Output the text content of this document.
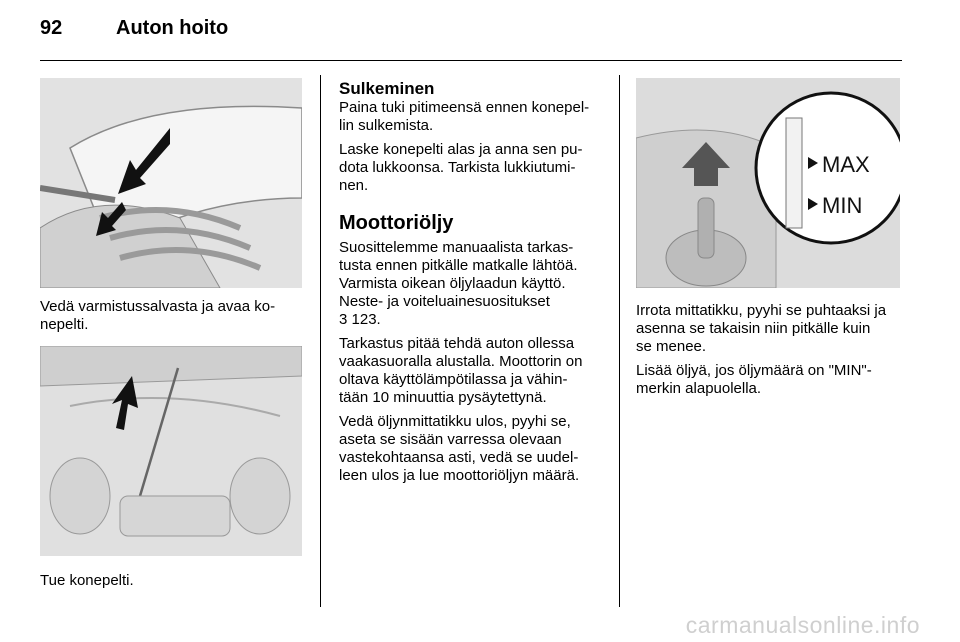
92	Auton hoito

Vedä varmistussalvasta ja avaa ko-
nepelti.

Tue konepelti.

Sulkeminen

Paina tuki pitimeensä ennen konepel-
lin sulkemista.

Laske konepelti alas ja anna sen pu-
dota lukkoonsa. Tarkista lukkiutumi-
nen.

Moottoriöljy

Suosittelemme manuaalista tarkas-
tusta ennen pitkälle matkalle lähtöä.
Varmista oikean öljylaadun käyttö.
Neste- ja voiteluainesuositukset

3 123.

Tarkastus pitää tehdä auton ollessa
vaakasuoralla alustalla. Moottorin on
oltava käyttölämpötilassa ja vähin-
tään 10 minuuttia pysäytettynä.

Vedä öljynmittatikku ulos, pyyhi se,
aseta se sisään varressa olevaan
vastekohtaansa asti, vedä se uudel-
leen ulos ja lue moottoriöljyn määrä.

MAX
MIN

Irrota mittatikku, pyyhi se puhtaaksi ja
asenna se takaisin niin pitkälle kuin
se menee.

Lisää öljyä, jos öljymäärä on "MIN"-
merkin alapuolella.

carmanualsonline.info
